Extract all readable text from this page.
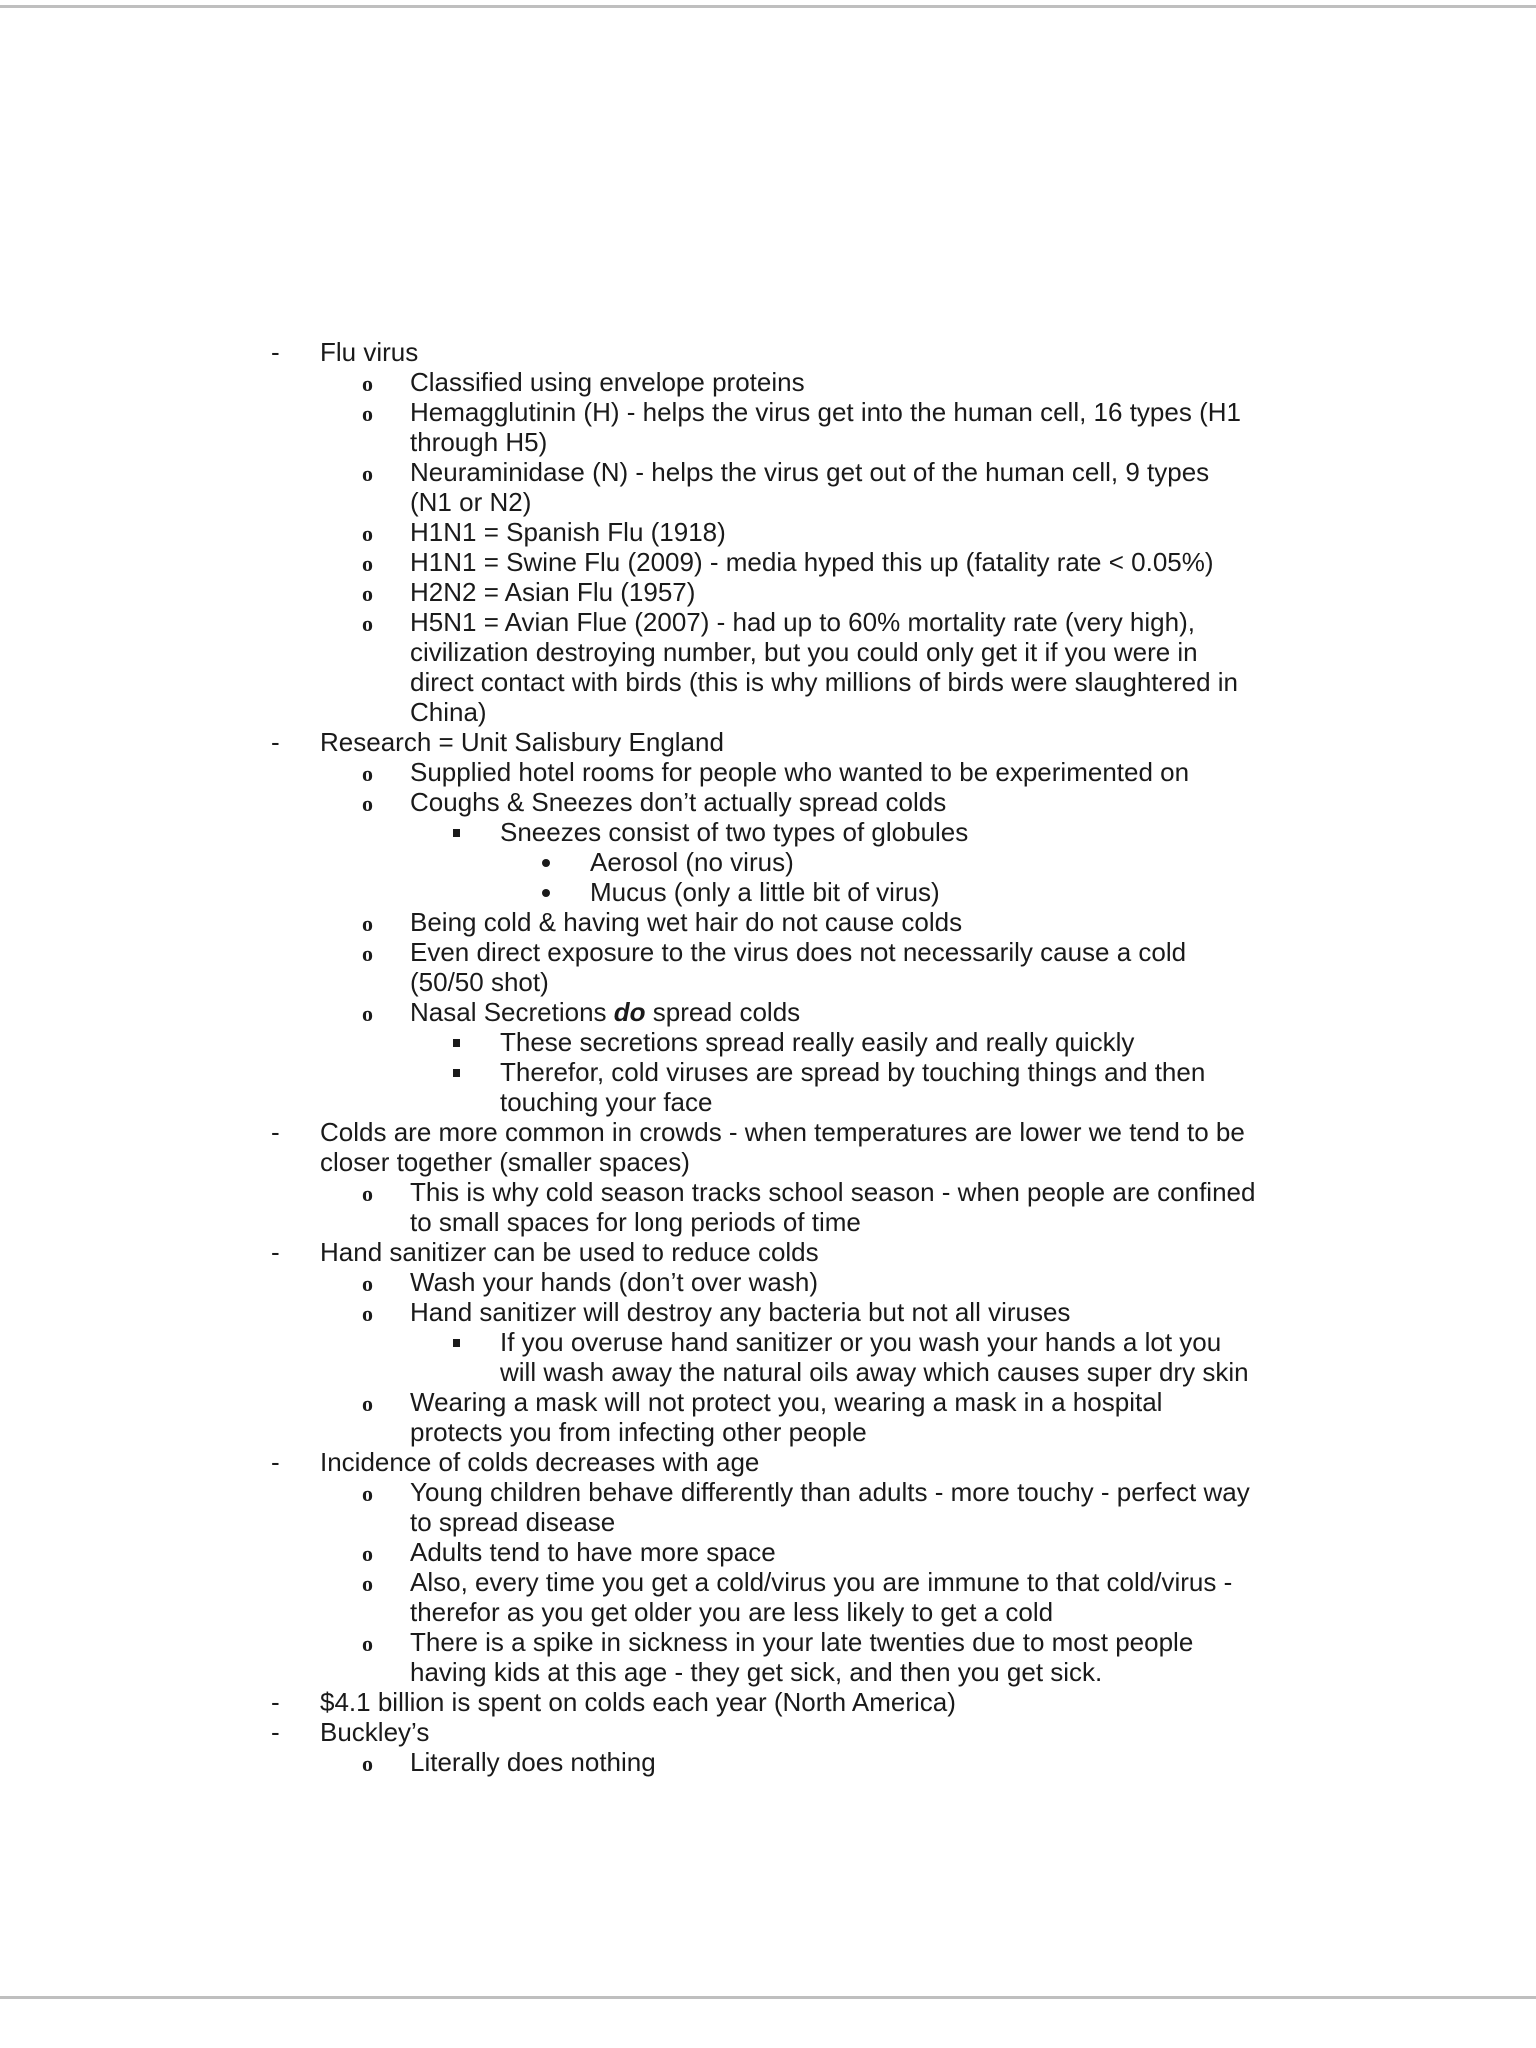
- Flu virus
o Classified using envelope proteins
o Hemagglutinin (H) - helps the virus get into the human cell, 16 types (H1
through H5)
o Neuraminidase (N) - helps the virus get out of the human cell, 9 types
(N1 or N2)
o H1N1 = Spanish Flu (1918)
o H1N1 = Swine Flu (2009) - media hyped this up (fatality rate < 0.05%)
o H2N2 = Asian Flu (1957)
o H5N1 = Avian Flue (2007) - had up to 60% mortality rate (very high),
civilization destroying number, but you could only get it if you were in
direct contact with birds (this is why millions of birds were slaughtered in
China)
- Research = Unit Salisbury England
o Supplied hotel rooms for people who wanted to be experimented on
o Coughs & Sneezes don’t actually spread colds
Sneezes consist of two types of globules
Aerosol (no virus)
Mucus (only a little bit of virus)
o Being cold & having wet hair do not cause colds
o Even direct exposure to the virus does not necessarily cause a cold
(50/50 shot)
o Nasal Secretions do spread colds
These secretions spread really easily and really quickly
Therefor, cold viruses are spread by touching things and then
touching your face
- Colds are more common in crowds - when temperatures are lower we tend to be
closer together (smaller spaces)
o This is why cold season tracks school season - when people are confined
to small spaces for long periods of time
- Hand sanitizer can be used to reduce colds
o Wash your hands (don’t over wash)
o Hand sanitizer will destroy any bacteria but not all viruses
If you overuse hand sanitizer or you wash your hands a lot you
will wash away the natural oils away which causes super dry skin
o Wearing a mask will not protect you, wearing a mask in a hospital
protects you from infecting other people
- Incidence of colds decreases with age
o Young children behave differently than adults - more touchy - perfect way
to spread disease
o Adults tend to have more space
o Also, every time you get a cold/virus you are immune to that cold/virus -
therefor as you get older you are less likely to get a cold
o There is a spike in sickness in your late twenties due to most people
having kids at this age - they get sick, and then you get sick.
- $4.1 billion is spent on colds each year (North America)
- Buckley’s
o Literally does nothing
